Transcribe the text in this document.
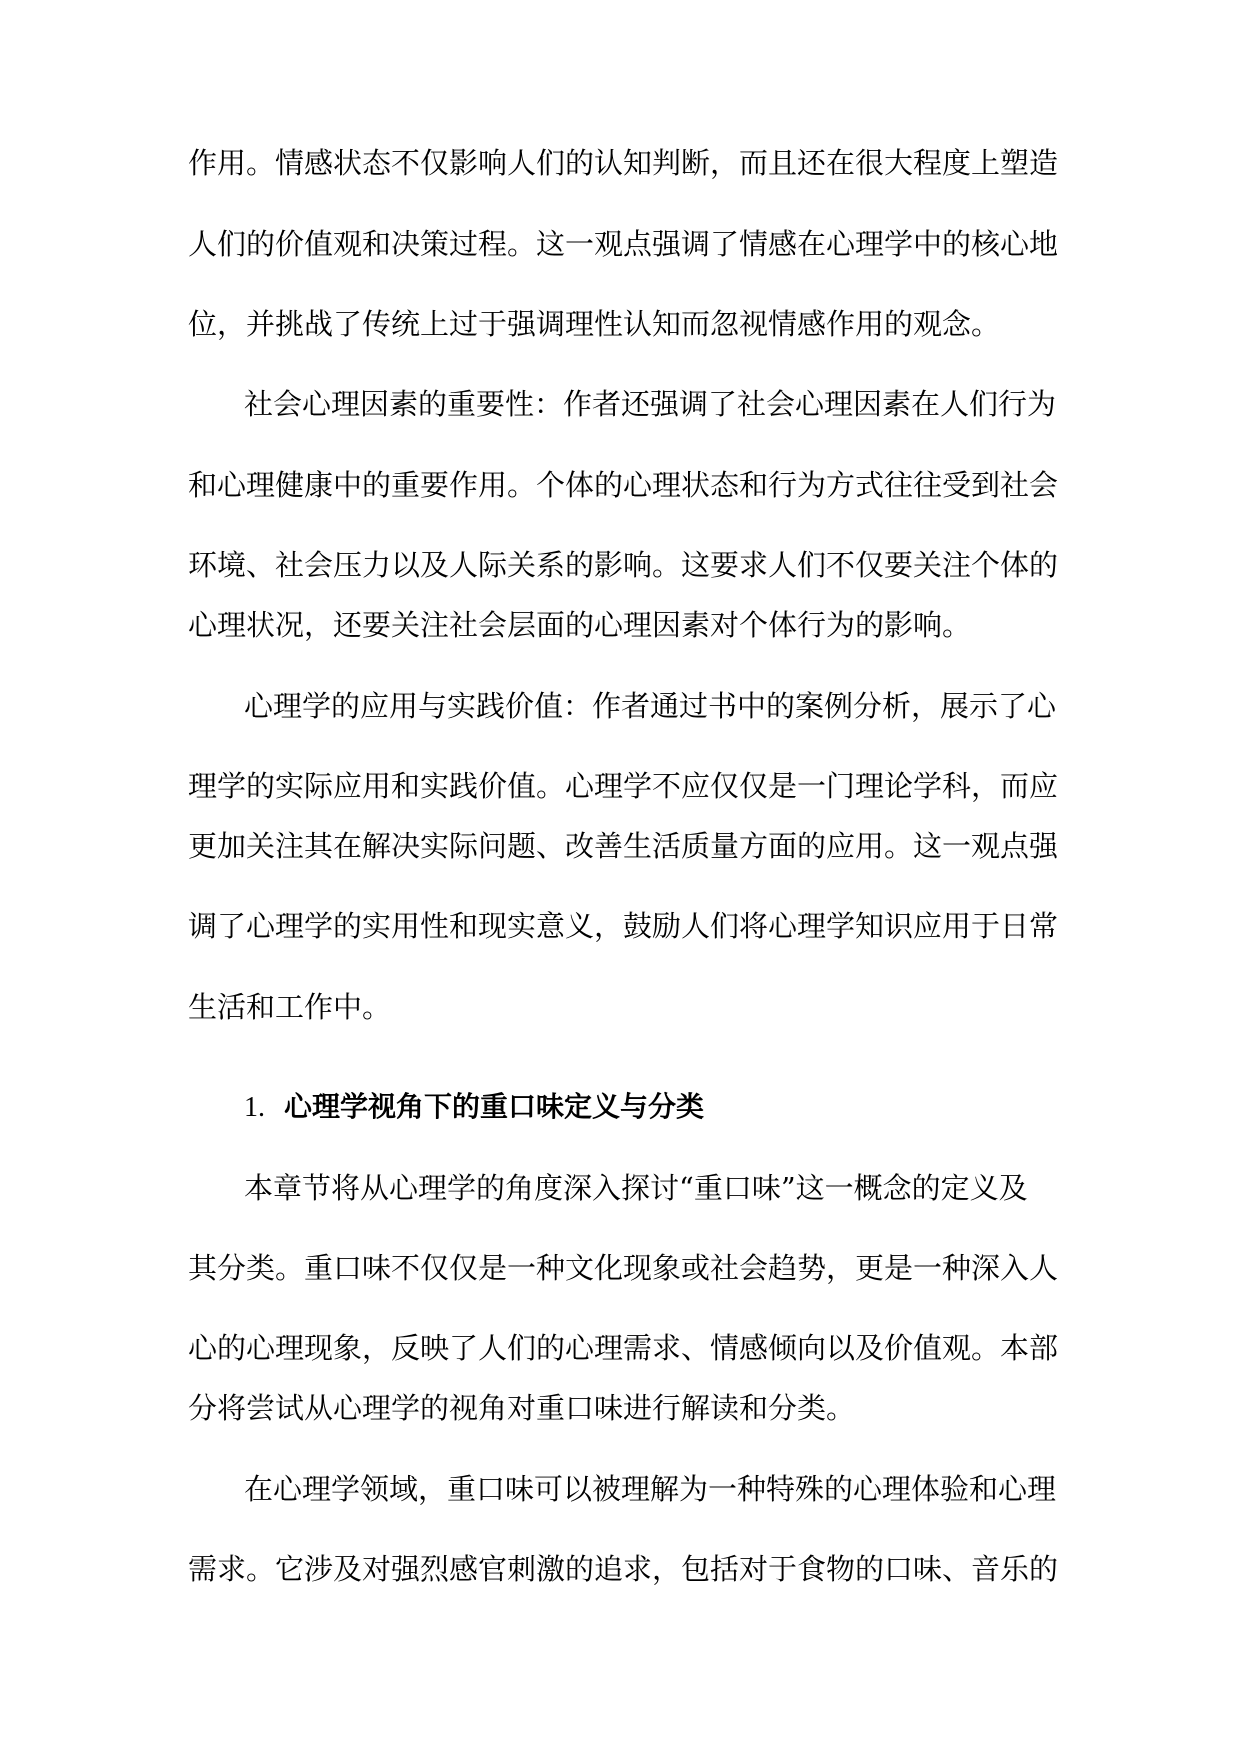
作用。情感状态不仅影响人们的认知判断，而且还在很大程度上塑造

人们的价值观和决策过程。这一观点强调了情感在心理学中的核心地

位，并挑战了传统上过于强调理性认知而忽视情感作用的观念。

社会心理因素的重要性：作者还强调了社会心理因素在人们行为

和心理健康中的重要作用。个体的心理状态和行为方式往往受到社会

环境、社会压力以及人际关系的影响。这要求人们不仅要关注个体的

心理状况，还要关注社会层面的心理因素对个体行为的影响。

心理学的应用与实践价值：作者通过书中的案例分析，展示了心

理学的实际应用和实践价值。心理学不应仅仅是一门理论学科，而应

更加关注其在解决实际问题、改善生活质量方面的应用。这一观点强

调了心理学的实用性和现实意义，鼓励人们将心理学知识应用于日常

生活和工作中。

1. 心理学视角下的重口味定义与分类

本章节将从心理学的角度深入探讨“重口味”这一概念的定义及

其分类。重口味不仅仅是一种文化现象或社会趋势，更是一种深入人

心的心理现象，反映了人们的心理需求、情感倾向以及价值观。本部

分将尝试从心理学的视角对重口味进行解读和分类。

在心理学领域，重口味可以被理解为一种特殊的心理体验和心理

需求。它涉及对强烈感官刺激的追求，包括对于食物的口味、音乐的
